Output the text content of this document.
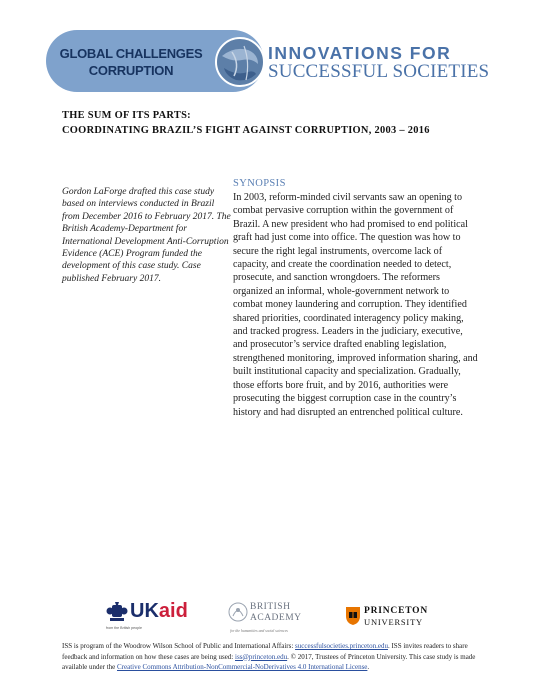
GLOBAL CHALLENGES
CORRUPTION
INNOVATIONS FOR
SUCCESSFUL SOCIETIES
THE SUM OF ITS PARTS:
COORDINATING BRAZIL’S FIGHT AGAINST CORRUPTION, 2003 – 2016
Gordon LaForge drafted this case study based on interviews conducted in Brazil from December 2016 to February 2017. The British Academy-Department for International Development Anti-Corruption Evidence (ACE) Program funded the development of this case study. Case published February 2017.
SYNOPSIS
In 2003, reform-minded civil servants saw an opening to combat pervasive corruption within the government of Brazil. A new president who had promised to end political graft had just come into office. The question was how to secure the right legal instruments, overcome lack of capacity, and create the coordination needed to detect, prosecute, and sanction wrongdoers. The reformers organized an informal, whole-government network to combat money laundering and corruption. They identified shared priorities, coordinated interagency policy making, and tracked progress. Leaders in the judiciary, executive, and prosecutor’s service drafted enabling legislation, strengthened monitoring, improved information sharing, and built institutional capacity and specialization. Gradually, those efforts bore fruit, and by 2016, authorities were prosecuting the biggest corruption case in the country’s history and had disrupted an entrenched political culture.
UKaid
from the British people
BRITISH
ACADEMY
for the humanities and social sciences
PRINCETON
UNIVERSITY
ISS is program of the Woodrow Wilson School of Public and International Affairs: successfulsocieties.princeton.edu. ISS invites readers to share feedback and information on how these cases are being used: iss@princeton.edu. © 2017, Trustees of Princeton University. This case study is made available under the Creative Commons Attribution-NonCommercial-NoDerivatives 4.0 International License.
